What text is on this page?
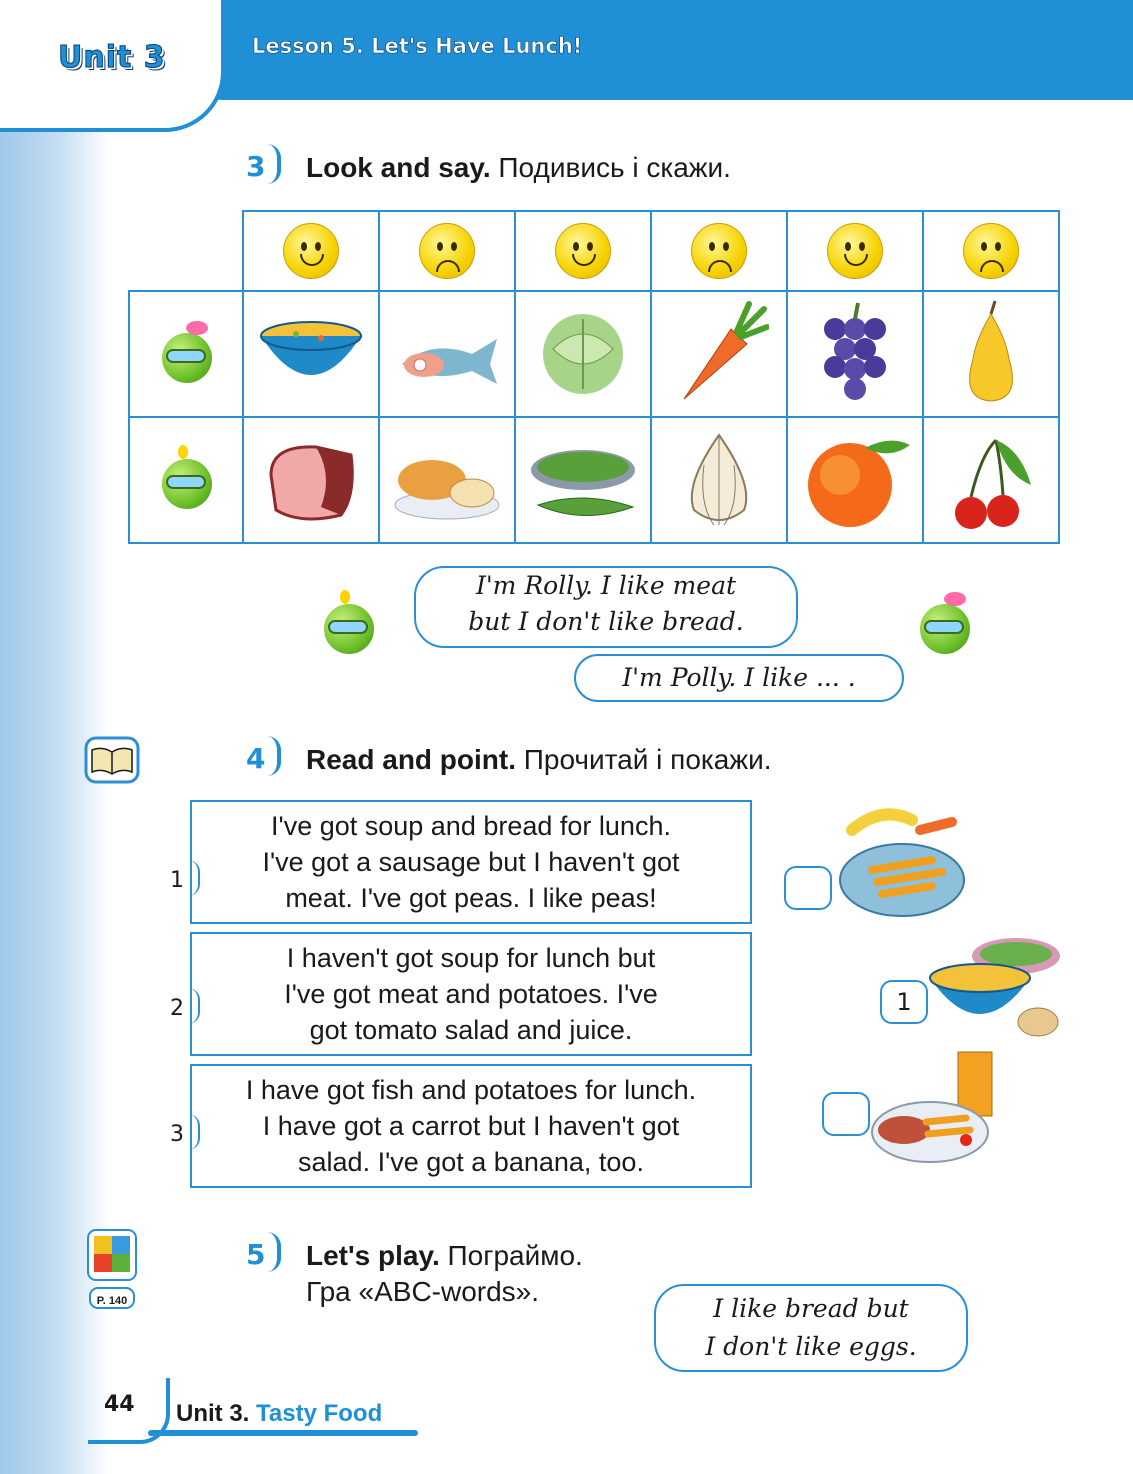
Unit 3	Lesson 5. Let's Have Lunch!
3 Look and say. Подивись і скажи.
I'm Rolly. I like meat
but I don't like bread.
I'm Polly. I like ... .
4 Read and point. Прочитай і покажи.
I've got soup and bread for lunch.
I've got a sausage but I haven't got
meat. I've got peas. I like peas!
1
I haven't got soup for lunch but
I've got meat and potatoes. I've
got tomato salad and juice.
2
I have got fish and potatoes for lunch.
I have got a carrot but I haven't got
salad. I've got a banana, too.
3
1
P. 140
5 Let's play. Пограймо.
Гра «ABC-words».
I like bread but
I don't like eggs.
44 Unit 3. Tasty Food
